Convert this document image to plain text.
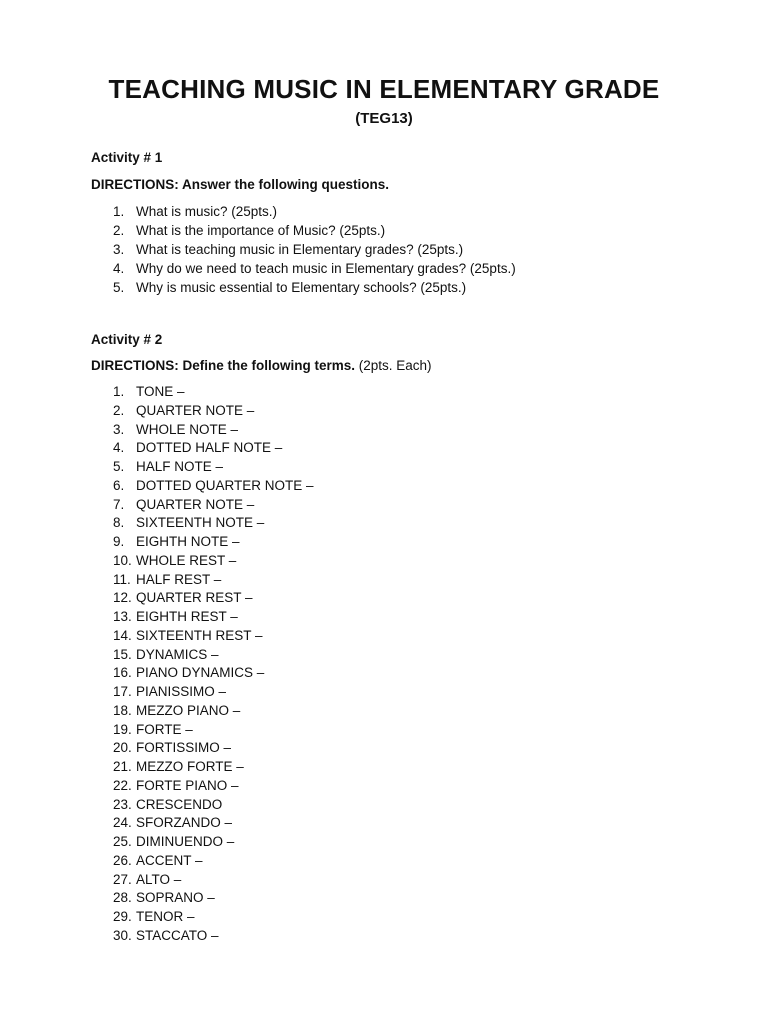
TEACHING MUSIC IN ELEMENTARY GRADE
(TEG13)

Activity # 1

DIRECTIONS: Answer the following questions.

1. What is music? (25pts.)
2. What is the importance of Music? (25pts.)
3. What is teaching music in Elementary grades? (25pts.)
4. Why do we need to teach music in Elementary grades? (25pts.)
5. Why is music essential to Elementary schools? (25pts.)

Activity # 2

DIRECTIONS: Define the following terms. (2pts. Each)

1. TONE –
2. QUARTER NOTE –
3. WHOLE NOTE –
4. DOTTED HALF NOTE –
5. HALF NOTE –
6. DOTTED QUARTER NOTE –
7. QUARTER NOTE –
8. SIXTEENTH NOTE –
9. EIGHTH NOTE –
10. WHOLE REST –
11. HALF REST –
12. QUARTER REST –
13. EIGHTH REST –
14. SIXTEENTH REST –
15. DYNAMICS –
16. PIANO DYNAMICS –
17. PIANISSIMO –
18. MEZZO PIANO –
19. FORTE –
20. FORTISSIMO –
21. MEZZO FORTE –
22. FORTE PIANO –
23. CRESCENDO
24. SFORZANDO –
25. DIMINUENDO –
26. ACCENT –
27. ALTO –
28. SOPRANO –
29. TENOR –
30. STACCATO –
